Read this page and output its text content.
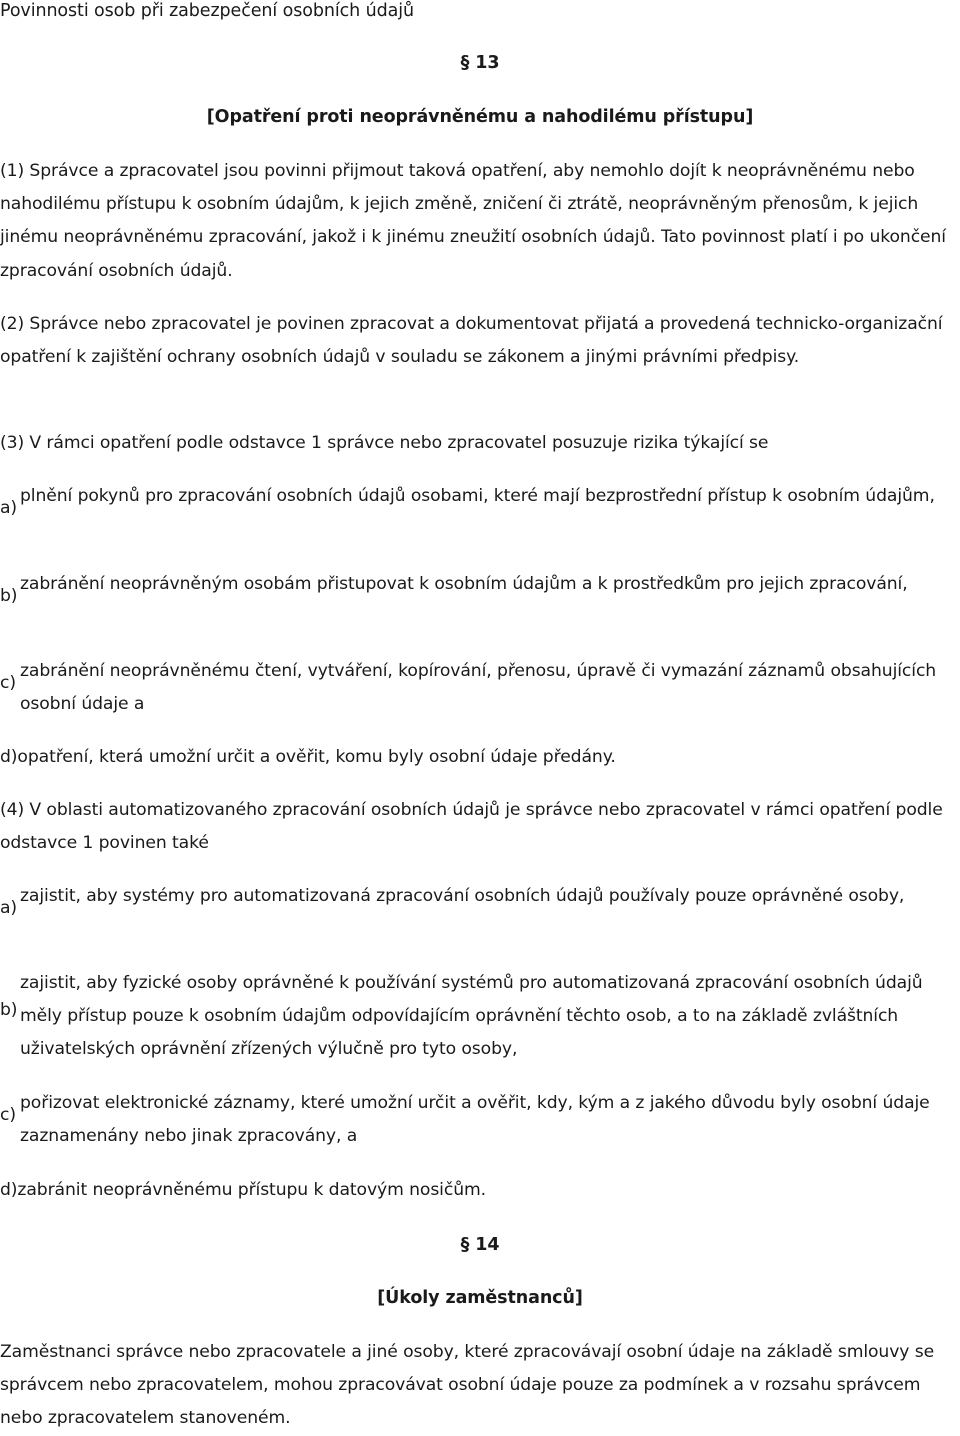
Povinnosti osob při zabezpečení osobních údajů
§ 13
[Opatření proti neoprávněnému a nahodilému přístupu]

(1) Správce a zpracovatel jsou povinni přijmout taková opatření, aby nemohlo dojít k neoprávněnému nebo nahodilému přístupu k osobním údajům, k jejich změně, zničení či ztrátě, neoprávněným přenosům, k jejich jinému neoprávněnému zpracování, jakož i k jinému zneužití osobních údajů. Tato povinnost platí i po ukončení zpracování osobních údajů.

(2) Správce nebo zpracovatel je povinen zpracovat a dokumentovat přijatá a provedená technicko-organizační opatření k zajištění ochrany osobních údajů v souladu se zákonem a jinými právními předpisy.

(3) V rámci opatření podle odstavce 1 správce nebo zpracovatel posuzuje rizika týkající se

a)
plnění pokynů pro zpracování osobních údajů osobami, které mají bezprostřední přístup k osobním údajům,
b)
zabránění neoprávněným osobám přistupovat k osobním údajům a k prostředkům pro jejich zpracování,
c)
zabránění neoprávněnému čtení, vytváření, kopírování, přenosu, úpravě či vymazání záznamů obsahujících osobní údaje a
d)opatření, která umožní určit a ověřit, komu byly osobní údaje předány.

(4) V oblasti automatizovaného zpracování osobních údajů je správce nebo zpracovatel v rámci opatření podle odstavce 1 povinen také

a)
zajistit, aby systémy pro automatizovaná zpracování osobních údajů používaly pouze oprávněné osoby,
b)
zajistit, aby fyzické osoby oprávněné k používání systémů pro automatizovaná zpracování osobních údajů měly přístup pouze k osobním údajům odpovídajícím oprávnění těchto osob, a to na základě zvláštních uživatelských oprávnění zřízených výlučně pro tyto osoby,
c)
pořizovat elektronické záznamy, které umožní určit a ověřit, kdy, kým a z jakého důvodu byly osobní údaje zaznamenány nebo jinak zpracovány, a
d)zabránit neoprávněnému přístupu k datovým nosičům.
§ 14
[Úkoly zaměstnanců]

Zaměstnanci správce nebo zpracovatele a jiné osoby, které zpracovávají osobní údaje na základě smlouvy se správcem nebo zpracovatelem, mohou zpracovávat osobní údaje pouze za podmínek a v rozsahu správcem nebo zpracovatelem stanoveném.
